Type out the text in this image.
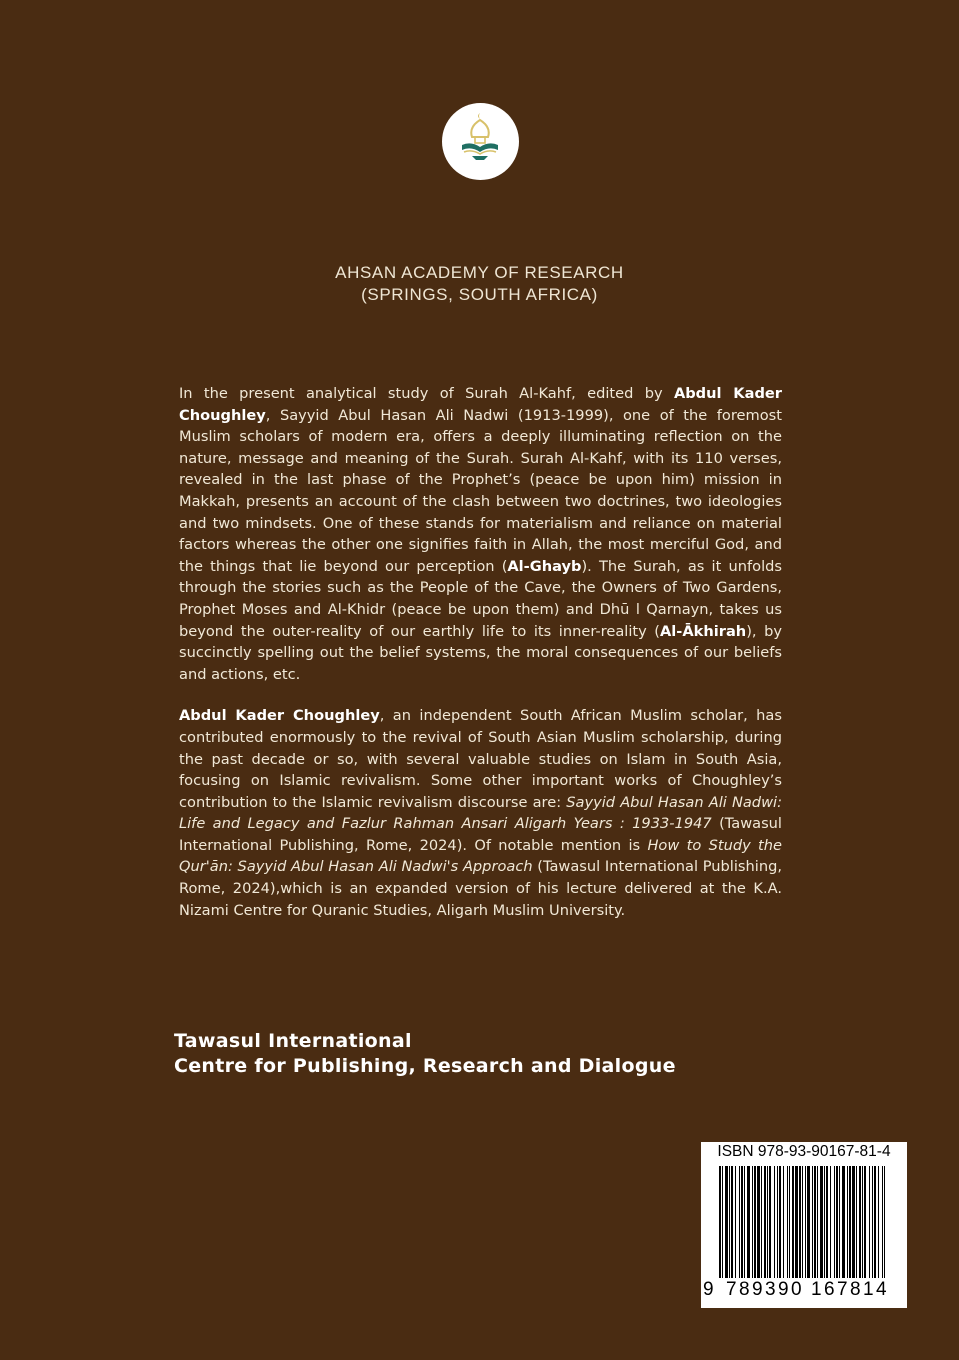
AHSAN ACADEMY OF RESEARCH
(SPRINGS, SOUTH AFRICA)

In the present analytical study of Surah Al-Kahf, edited by Abdul Kader Choughley, Sayyid Abul Hasan Ali Nadwi (1913-1999), one of the foremost Muslim scholars of modern era, offers a deeply illuminating reflection on the nature, message and meaning of the Surah. Surah Al-Kahf, with its 110 verses, revealed in the last phase of the Prophet’s (peace be upon him) mission in Makkah, presents an account of the clash between two doctrines, two ideologies and two mindsets. One of these stands for materialism and reliance on material factors whereas the other one signifies faith in Allah, the most merciful God, and the things that lie beyond our perception (Al-Ghayb). The Surah, as it unfolds through the stories such as the People of the Cave, the Owners of Two Gardens, Prophet Moses and Al-Khidr (peace be upon them) and Dhū l Qarnayn, takes us beyond the outer-reality of our earthly life to its inner-reality (Al-Ākhirah), by succinctly spelling out the belief systems, the moral consequences of our beliefs and actions, etc.

Abdul Kader Choughley, an independent South African Muslim scholar, has contributed enormously to the revival of South Asian Muslim scholarship, during the past decade or so, with several valuable studies on Islam in South Asia, focusing on Islamic revivalism. Some other important works of Choughley’s contribution to the Islamic revivalism discourse are: Sayyid Abul Hasan Ali Nadwi: Life and Legacy and Fazlur Rahman Ansari Aligarh Years : 1933-1947 (Tawasul International Publishing, Rome, 2024). Of notable mention is How to Study the Qur'ān: Sayyid Abul Hasan Ali Nadwi's Approach (Tawasul International Publishing, Rome, 2024),which is an expanded version of his lecture delivered at the K.A. Nizami Centre for Quranic Studies, Aligarh Muslim University.

Tawasul International
Centre for Publishing, Research and Dialogue
ISBN 978-93-90167-81-4
9 7 8 9 3 9 0 1 6 7 8 1 4
